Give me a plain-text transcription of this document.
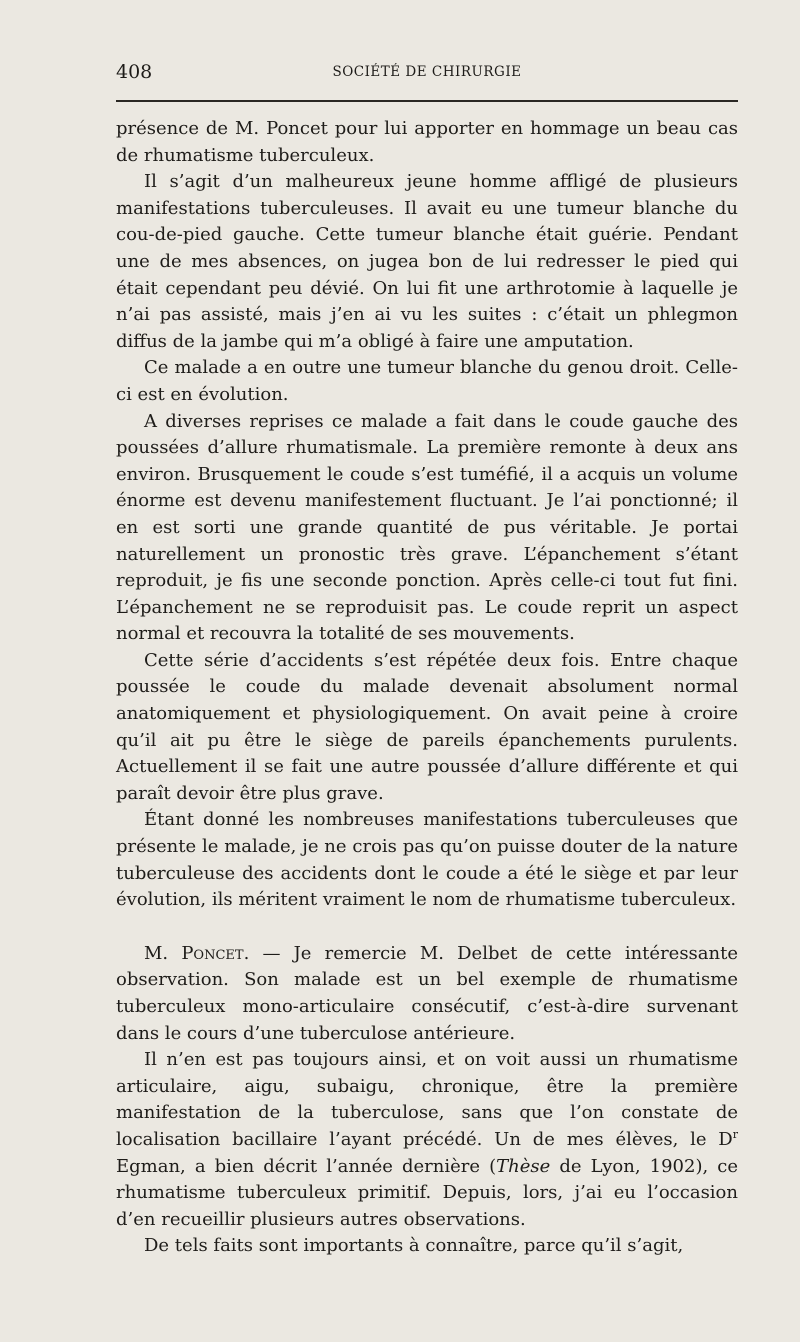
408	SOCIÉTÉ DE CHIRURGIE

présence de M. Poncet pour lui apporter en hommage un beau cas de rhumatisme tuberculeux.

Il s’agit d’un malheureux jeune homme affligé de plusieurs manifestations tuberculeuses. Il avait eu une tumeur blanche du cou-de-pied gauche. Cette tumeur blanche était guérie. Pendant une de mes absences, on jugea bon de lui redresser le pied qui était cependant peu dévié. On lui fit une arthrotomie à laquelle je n’ai pas assisté, mais j’en ai vu les suites : c’était un phlegmon diffus de la jambe qui m’a obligé à faire une amputation.

Ce malade a en outre une tumeur blanche du genou droit. Celle-ci est en évolution.

A diverses reprises ce malade a fait dans le coude gauche des poussées d’allure rhumatismale. La première remonte à deux ans environ. Brusquement le coude s’est tuméfié, il a acquis un volume énorme est devenu manifestement fluctuant. Je l’ai ponctionné; il en est sorti une grande quantité de pus véritable. Je portai naturellement un pronostic très grave. L’épanchement s’étant reproduit, je fis une seconde ponction. Après celle-ci tout fut fini. L’épanchement ne se reproduisit pas. Le coude reprit un aspect normal et recouvra la totalité de ses mouvements.

Cette série d’accidents s’est répétée deux fois. Entre chaque poussée le coude du malade devenait absolument normal anatomiquement et physiologiquement. On avait peine à croire qu’il ait pu être le siège de pareils épanchements purulents. Actuellement il se fait une autre poussée d’allure différente et qui paraît devoir être plus grave.

Étant donné les nombreuses manifestations tuberculeuses que présente le malade, je ne crois pas qu’on puisse douter de la nature tuberculeuse des accidents dont le coude a été le siège et par leur évolution, ils méritent vraiment le nom de rhumatisme tuberculeux.

M. Poncet. — Je remercie M. Delbet de cette intéressante observation. Son malade est un bel exemple de rhumatisme tuberculeux mono-articulaire consécutif, c’est-à-dire survenant dans le cours d’une tuberculose antérieure.

Il n’en est pas toujours ainsi, et on voit aussi un rhumatisme articulaire, aigu, subaigu, chronique, être la première manifestation de la tuberculose, sans que l’on constate de localisation bacillaire l’ayant précédé. Un de mes élèves, le $D^r$ Egman, a bien décrit l’année dernière (Thèse de Lyon, 1902), ce rhumatisme tuberculeux primitif. Depuis, lors, j’ai eu l’occasion d’en recueillir plusieurs autres observations.

De tels faits sont importants à connaître, parce qu’il s’agit,
